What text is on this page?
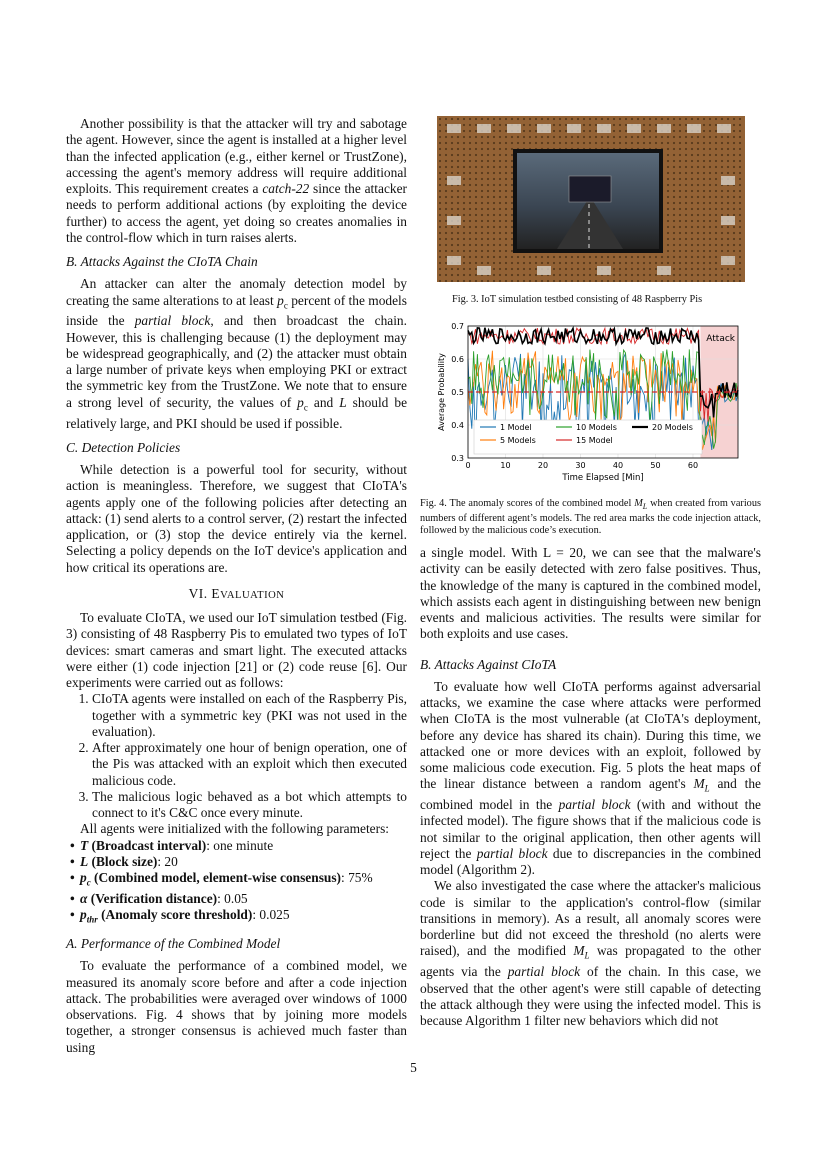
Another possibility is that the attacker will try and sabotage the agent. However, since the agent is installed at a higher level than the infected application (e.g., either kernel or TrustZone), accessing the agent's memory address will require additional exploits. This requirement creates a catch-22 since the attacker needs to perform additional actions (by exploiting the device further) to access the agent, yet doing so creates anomalies in the control-flow which in turn raises alerts.

B. Attacks Against the CIoTA Chain

An attacker can alter the anomaly detection model by creating the same alterations to at least $p_c$ percent of the models inside the partial block, and then broadcast the chain. However, this is challenging because (1) the deployment may be widespread geographically, and (2) the attacker must obtain a large number of private keys when employing PKI or extract the symmetric key from the TrustZone. We note that to ensure a strong level of security, the values of $p_c$ and L should be relatively large, and PKI should be used if possible.

C. Detection Policies

While detection is a powerful tool for security, without action is meaningless. Therefore, we suggest that CIoTA's agents apply one of the following policies after detecting an attack: (1) send alerts to a control server, (2) restart the infected application, or (3) stop the device entirely via the kernel. Selecting a policy depends on the IoT device's application and how critical its operations are.

VI. EVALUATION

To evaluate CIoTA, we used our IoT simulation testbed (Fig. 3) consisting of 48 Raspberry Pis to emulated two types of IoT devices: smart cameras and smart light. The executed attacks were either (1) code injection [21] or (2) code reuse [6]. Our experiments were carried out as follows:

1. CIoTA agents were installed on each of the Raspberry Pis, together with a symmetric key (PKI was not used in the evaluation).
2. After approximately one hour of benign operation, one of the Pis was attacked with an exploit which then executed malicious code.
3. The malicious logic behaved as a bot which attempts to connect to it's C&C once every minute.

All agents were initialized with the following parameters:

• T (Broadcast interval): one minute
• L (Block size): 20
• $p_c$ (Combined model, element-wise consensus): 75%
• α (Verification distance): 0.05
• $p_{thr}$ (Anomaly score threshold): 0.025
A. Performance of the Combined Model

To evaluate the performance of a combined model, we measured its anomaly score before and after a code injection attack. The probabilities were averaged over windows of 1000 observations. Fig. 4 shows that by joining more models together, a stronger consensus is achieved much faster than using

Fig. 3. IoT simulation testbed consisting of 48 Raspberry Pis

0.3
0.4
0.5
0.6
0.7
0	10	20	30	40	50	60
Time Elapsed [Min]
Average Probability
Attack
1 Model
5 Models
10 Models
15 Model
20 Models

Fig. 4. The anomaly scores of the combined model $M_L$ when created from various numbers of different agent’s models. The red area marks the code injection attack, followed by the malicious code’s execution.

a single model. With L = 20, we can see that the malware's activity can be easily detected with zero false positives. Thus, the knowledge of the many is captured in the combined model, which assists each agent in distinguishing between new benign events and malicious activities. The results were similar for both exploits and use cases.

B. Attacks Against CIoTA

To evaluate how well CIoTA performs against adversarial attacks, we examine the case where attacks were performed when CIoTA is the most vulnerable (at CIoTA's deployment, before any device has shared its chain). During this time, we attacked one or more devices with an exploit, followed by some malicious code execution. Fig. 5 plots the heat maps of the linear distance between a random agent's $M_L$ and the combined model in the partial block (with and without the infected model). The figure shows that if the malicious code is not similar to the original application, then other agents will reject the partial block due to discrepancies in the combined model (Algorithm 2).

We also investigated the case where the attacker's malicious code is similar to the application's control-flow (similar transitions in memory). As a result, all anomaly scores were borderline but did not exceed the threshold (no alerts were raised), and the modified $M_L$ was propagated to the other agents via the partial block of the chain. In this case, we observed that the other agent's were still capable of detecting the attack although they were using the infected model. This is because Algorithm 1 filter new behaviors which did not

5
